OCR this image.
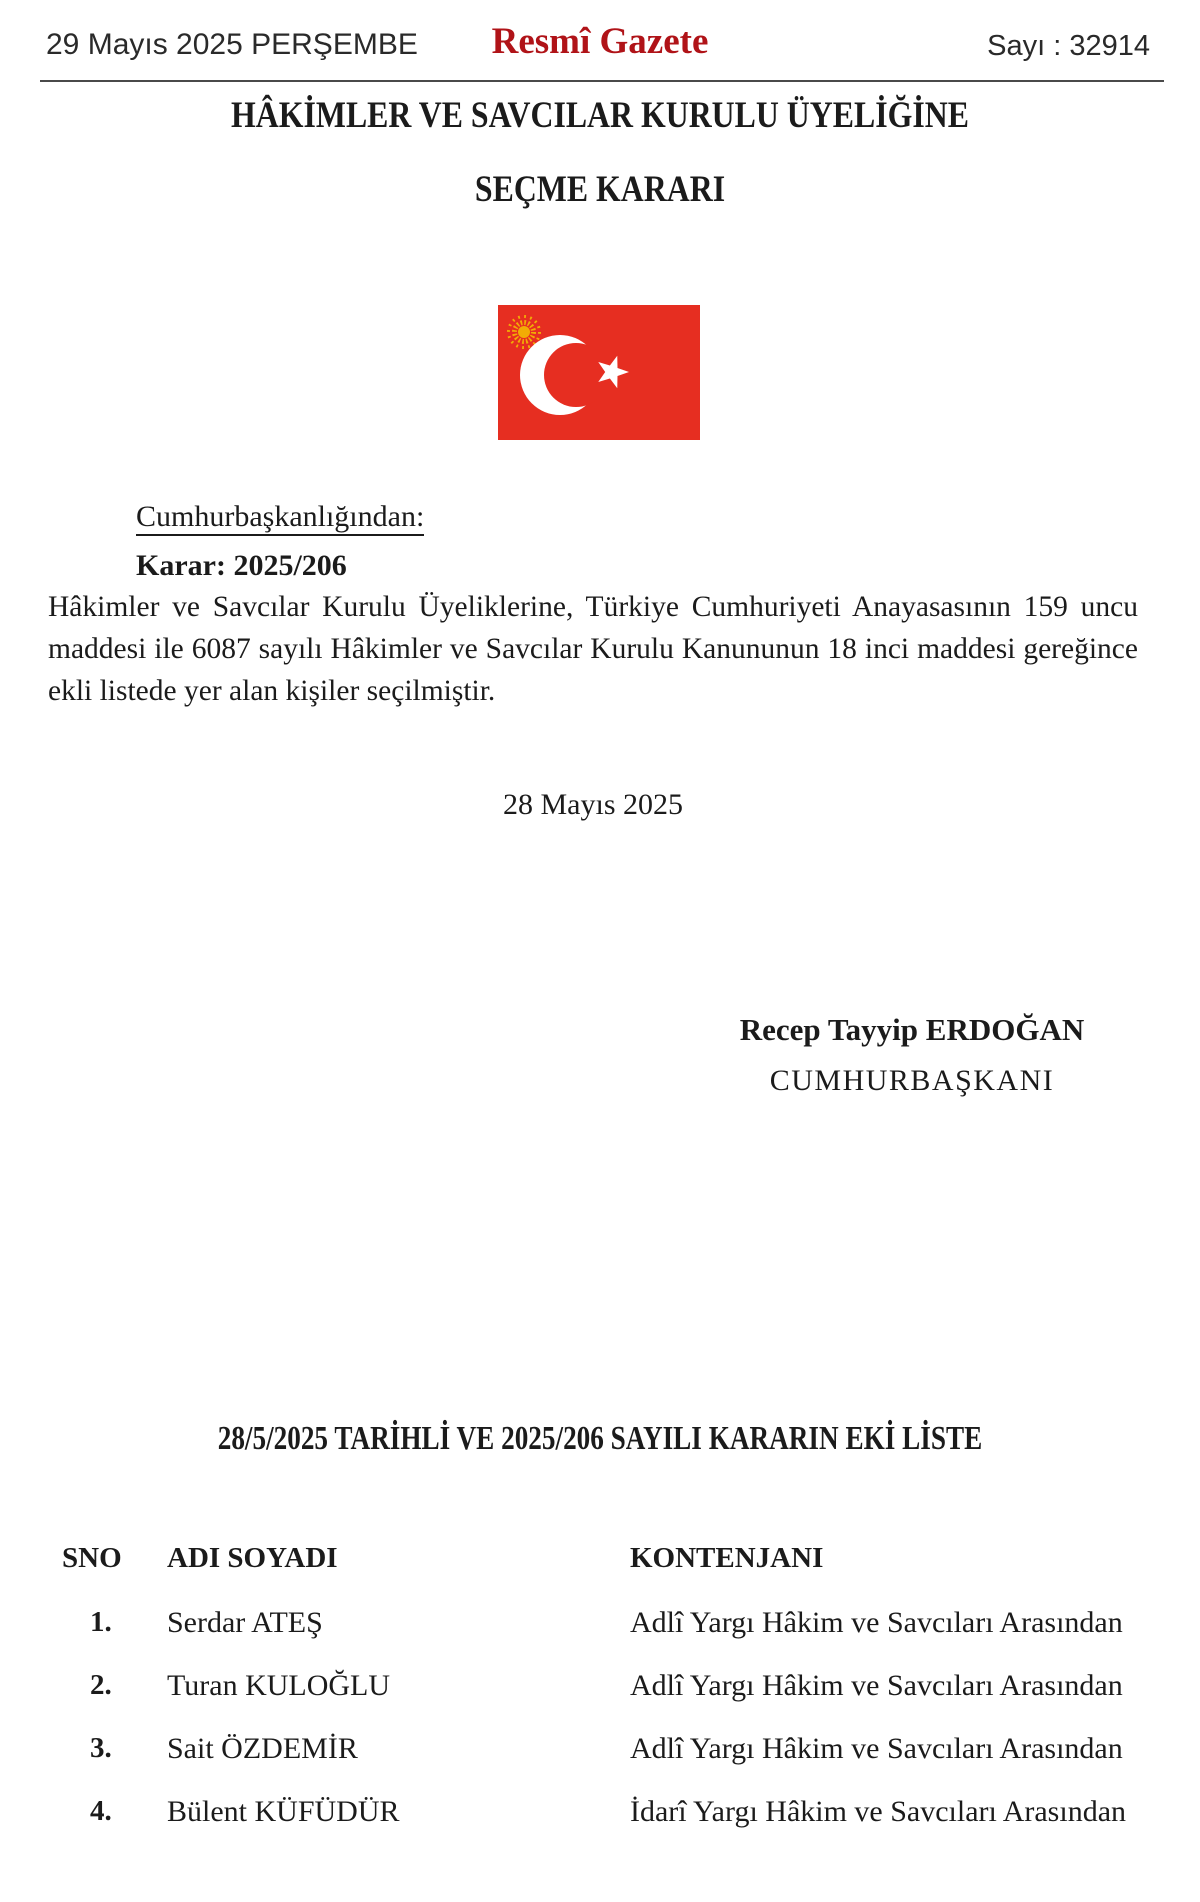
29 Mayıs 2025 PERŞEMBE	Resmî Gazete	Sayı : 32914
HÂKİMLER VE SAVCILAR KURULU ÜYELİĞİNE
SEÇME KARARI
Cumhurbaşkanlığından:
Karar: 2025/206
Hâkimler ve Savcılar Kurulu Üyeliklerine, Türkiye Cumhuriyeti Anayasasının 159 uncu
maddesi ile 6087 sayılı Hâkimler ve Savcılar Kurulu Kanununun 18 inci maddesi gereğince
ekli listede yer alan kişiler seçilmiştir.
28 Mayıs 2025
Recep Tayyip ERDOĞAN
CUMHURBAŞKANI
28/5/2025 TARİHLİ VE 2025/206 SAYILI KARARIN EKİ LİSTE
SNO ADI SOYADI	KONTENJANI
1. Serdar ATEŞ	Adlî Yargı Hâkim ve Savcıları Arasından
2. Turan KULOĞLU	Adlî Yargı Hâkim ve Savcıları Arasından
3. Sait ÖZDEMİR	Adlî Yargı Hâkim ve Savcıları Arasından
4. Bülent KÜFÜDÜR	İdarî Yargı Hâkim ve Savcıları Arasından
